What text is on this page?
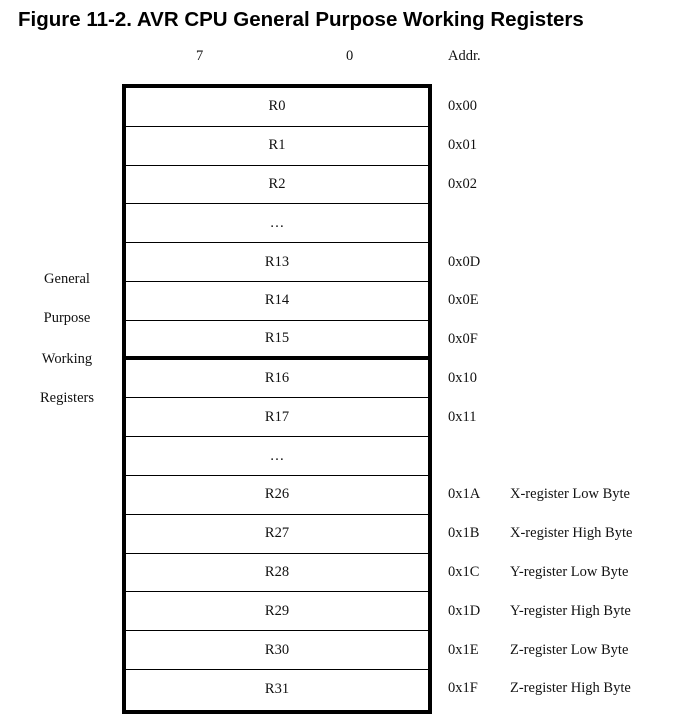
Figure 11-2. AVR CPU General Purpose Working Registers
7	0	Addr.
General
Purpose
Working
Registers
R0
R1
R2
…
R13
R14
R15
R16
R17
…
R26
R27
R28
R29
R30
R31
0x00
0x01
0x02
0x0D
0x0E
0x0F
0x10
0x11
0x1A
0x1B
0x1C
0x1D
0x1E
0x1F
X-register Low Byte
X-register High Byte
Y-register Low Byte
Y-register High Byte
Z-register Low Byte
Z-register High Byte
